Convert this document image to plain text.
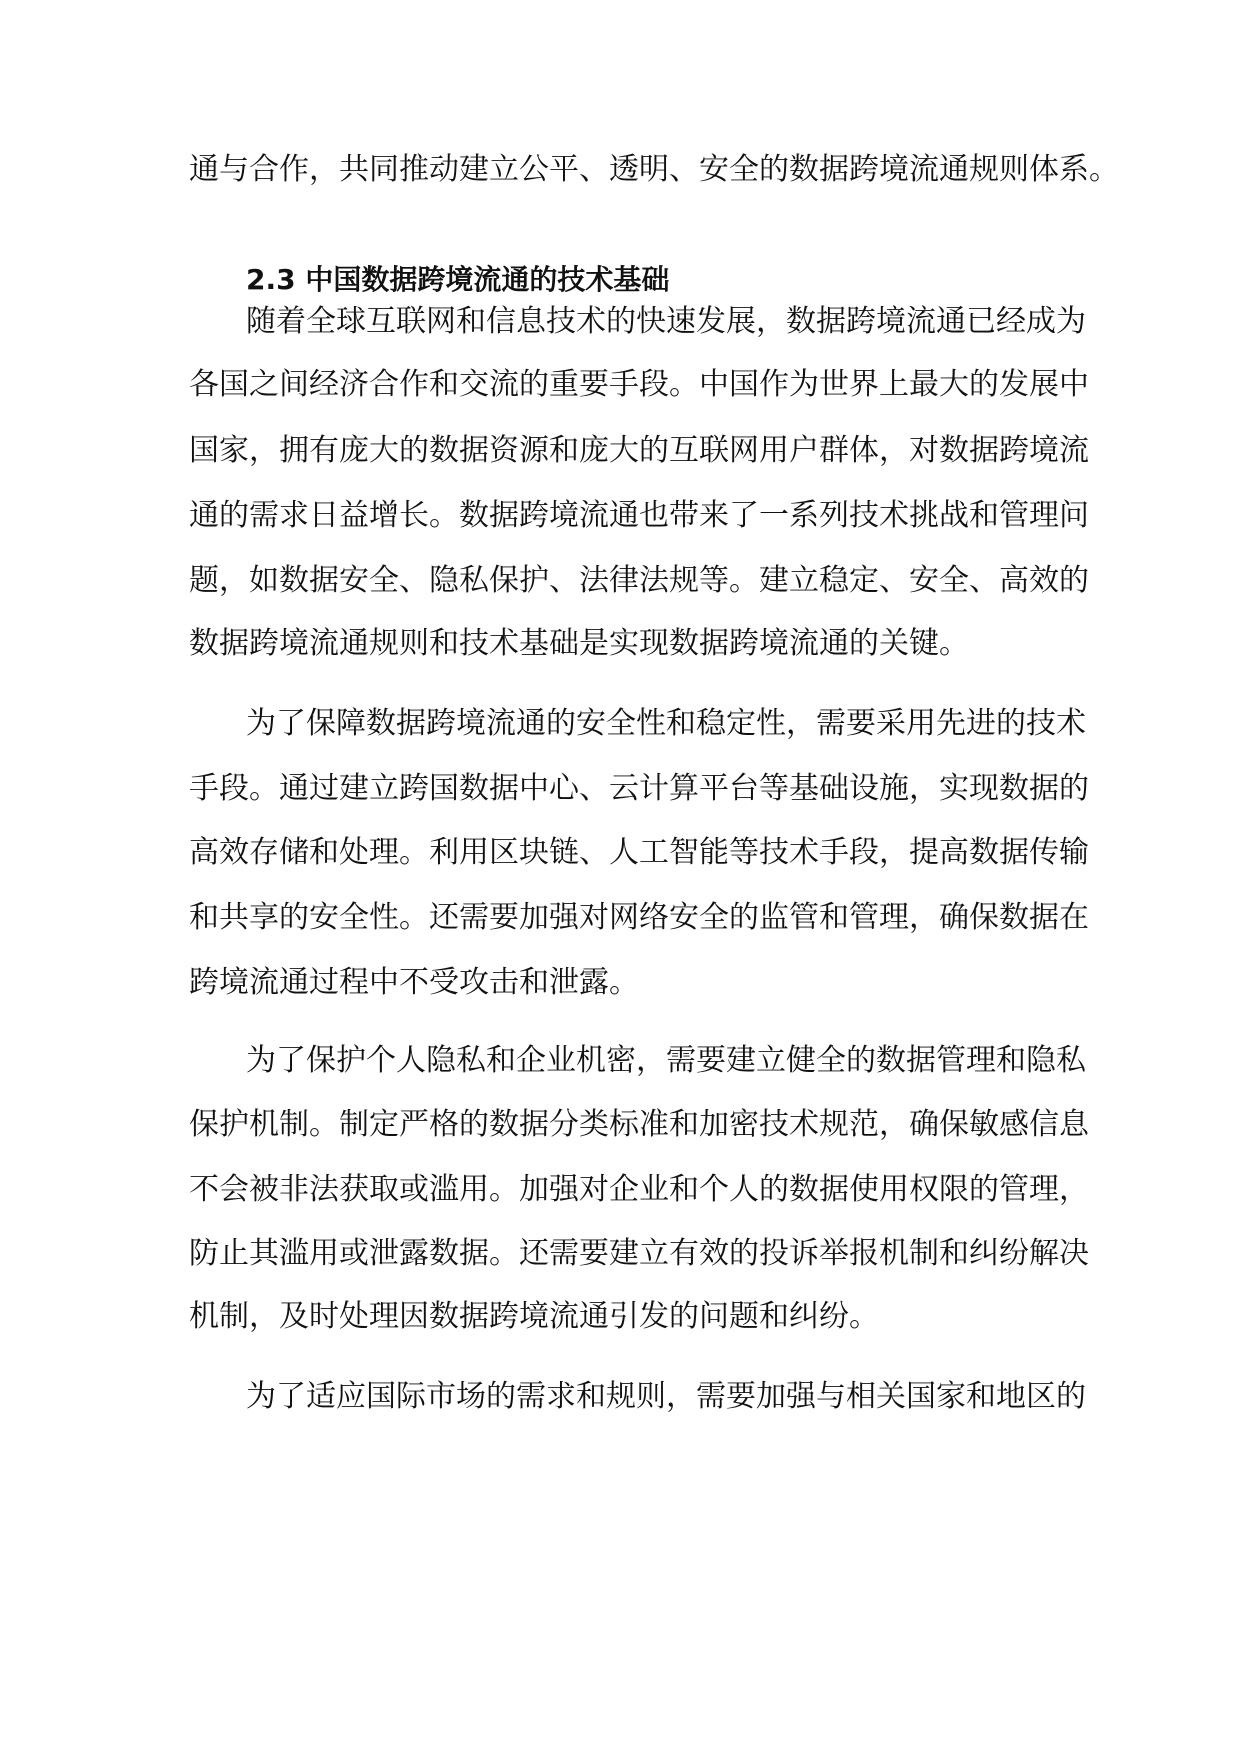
通与合作，共同推动建立公平、透明、安全的数据跨境流通规则体系。
2.3 中国数据跨境流通的技术基础
随着全球互联网和信息技术的快速发展，数据跨境流通已经成为
各国之间经济合作和交流的重要手段。中国作为世界上最大的发展中
国家，拥有庞大的数据资源和庞大的互联网用户群体，对数据跨境流
通的需求日益增长。数据跨境流通也带来了一系列技术挑战和管理问
题，如数据安全、隐私保护、法律法规等。建立稳定、安全、高效的
数据跨境流通规则和技术基础是实现数据跨境流通的关键。
为了保障数据跨境流通的安全性和稳定性，需要采用先进的技术
手段。通过建立跨国数据中心、云计算平台等基础设施，实现数据的
高效存储和处理。利用区块链、人工智能等技术手段，提高数据传输
和共享的安全性。还需要加强对网络安全的监管和管理，确保数据在
跨境流通过程中不受攻击和泄露。
为了保护个人隐私和企业机密，需要建立健全的数据管理和隐私
保护机制。制定严格的数据分类标准和加密技术规范，确保敏感信息
不会被非法获取或滥用。加强对企业和个人的数据使用权限的管理，
防止其滥用或泄露数据。还需要建立有效的投诉举报机制和纠纷解决
机制，及时处理因数据跨境流通引发的问题和纠纷。
为了适应国际市场的需求和规则，需要加强与相关国家和地区的
